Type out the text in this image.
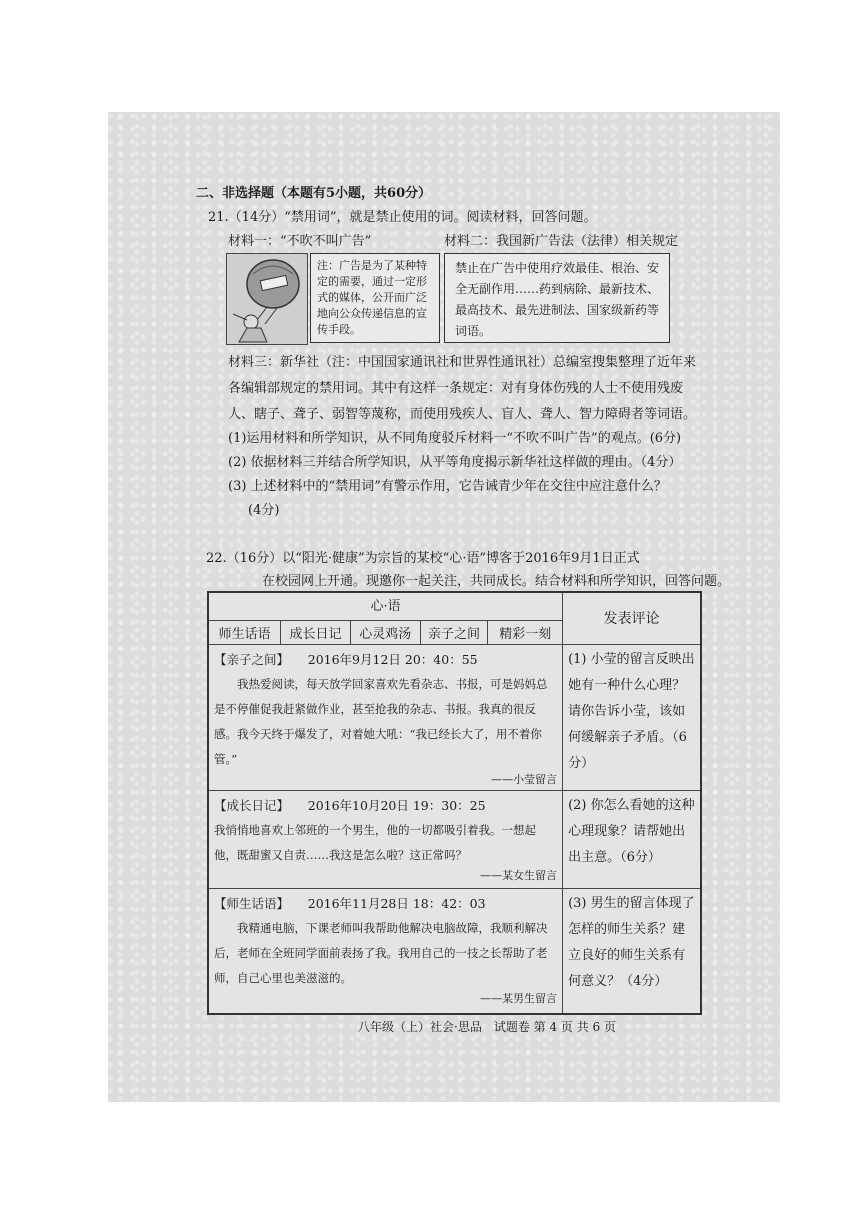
二、非选择题（本题有5小题，共60分）
21.（14分）“禁用词”，就是禁止使用的词。阅读材料，回答问题。
材料一：“不吹不叫广告”	材料二：我国新广告法（法律）相关规定
注：广告是为了某种特定的需要，通过一定形式的媒体，公开而广泛地向公众传递信息的宣传手段。
禁止在广告中使用疗效最佳、根治、安全无副作用……药到病除、最新技术、最高技术、最先进制法、国家级新药等词语。
材料三：新华社（注：中国国家通讯社和世界性通讯社）总编室搜集整理了近年来
各编辑部规定的禁用词。其中有这样一条规定：对有身体伤残的人士不使用残废
人、瞎子、聋子、弱智等蔑称，而使用残疾人、盲人、聋人、智力障碍者等词语。
(1)运用材料和所学知识，从不同角度驳斥材料一“不吹不叫广告”的观点。(6分)
(2) 依据材料三并结合所学知识，从平等角度揭示新华社这样做的理由。（4分）
(3) 上述材料中的“禁用词”有警示作用，它告诫青少年在交往中应注意什么？
(4分)
22.（16分）以“阳光·健康”为宗旨的某校“心·语”博客于2016年9月1日正式
在校园网上开通。现邀你一起关注，共同成长。结合材料和所学知识，回答问题。
心·语					发表评论
师生话语	成长日记	心灵鸡汤	亲子之间	精彩一刻	

【亲子之间】　　2016年9月12日 20：40：55
我热爱阅读，每天放学回家喜欢先看杂志、书报，可是妈妈总是不停催促我赶紧做作业，甚至抢我的杂志、书报。我真的很反感。我今天终于爆发了，对着她大吼：“我已经长大了，用不着你管。”
——小莹留言					(1) 小莹的留言反映出她有一种什么心理？请你告诉小莹，该如何缓解亲子矛盾。（6分）

【成长日记】　　2016年10月20日 19：30：25
我悄悄地喜欢上邻班的一个男生，他的一切都吸引着我。一想起他，既甜蜜又自责……我这是怎么啦？这正常吗？
——某女生留言					(2) 你怎么看她的这种心理现象？请帮她出出主意。（6分）

【师生话语】　　2016年11月28日 18：42：03
我精通电脑，下课老师叫我帮助他解决电脑故障，我顺利解决后，老师在全班同学面前表扬了我。我用自己的一技之长帮助了老师，自己心里也美滋滋的。
——某男生留言					(3) 男生的留言体现了怎样的师生关系？建立良好的师生关系有何意义？（4分）
八年级（上）社会·思品　试题卷 第 4 页 共 6 页
